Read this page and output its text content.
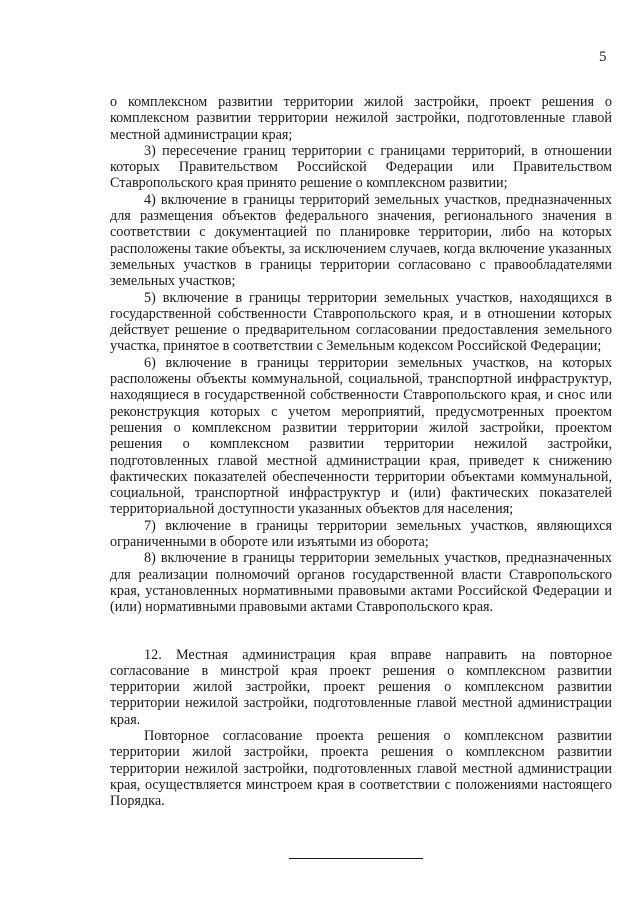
5

о комплексном развитии территории жилой застройки, проект решения о комплексном развитии территории нежилой застройки, подготовленные главой местной администрации края;

3) пересечение границ территории с границами территорий, в отношении которых Правительством Российской Федерации или Правительством Ставропольского края принято решение о комплексном развитии;

4) включение в границы территорий земельных участков, предназначенных для размещения объектов федерального значения, регионального значения в соответствии с документацией по планировке территории, либо на которых расположены такие объекты, за исключением случаев, когда включение указанных земельных участков в границы территории согласовано с правообладателями земельных участков;

5) включение в границы территории земельных участков, находящихся в государственной собственности Ставропольского края, и в отношении которых действует решение о предварительном согласовании предоставления земельного участка, принятое в соответствии с Земельным кодексом Российской Федерации;

6) включение в границы территории земельных участков, на которых расположены объекты коммунальной, социальной, транспортной инфраструктур, находящиеся в государственной собственности Ставропольского края, и снос или реконструкция которых с учетом мероприятий, предусмотренных проектом решения о комплексном развитии территории жилой застройки, проектом решения о комплексном развитии территории нежилой застройки, подготовленных главой местной администрации края, приведет к снижению фактических показателей обеспеченности территории объектами коммунальной, социальной, транспортной инфраструктур и (или) фактических показателей территориальной доступности указанных объектов для населения;

7) включение в границы территории земельных участков, являющихся ограниченными в обороте или изъятыми из оборота;

8) включение в границы территории земельных участков, предназначенных для реализации полномочий органов государственной власти Ставропольского края, установленных нормативными правовыми актами Российской Федерации и (или) нормативными правовыми актами Ставропольского края.

12. Местная администрация края вправе направить на повторное согласование в минстрой края проект решения о комплексном развитии территории жилой застройки, проект решения о комплексном развитии территории нежилой застройки, подготовленные главой местной администрации края.

Повторное согласование проекта решения о комплексном развитии территории жилой застройки, проекта решения о комплексном развитии территории нежилой застройки, подготовленных главой местной администрации края, осуществляется минстроем края в соответствии с положениями настоящего Порядка.
